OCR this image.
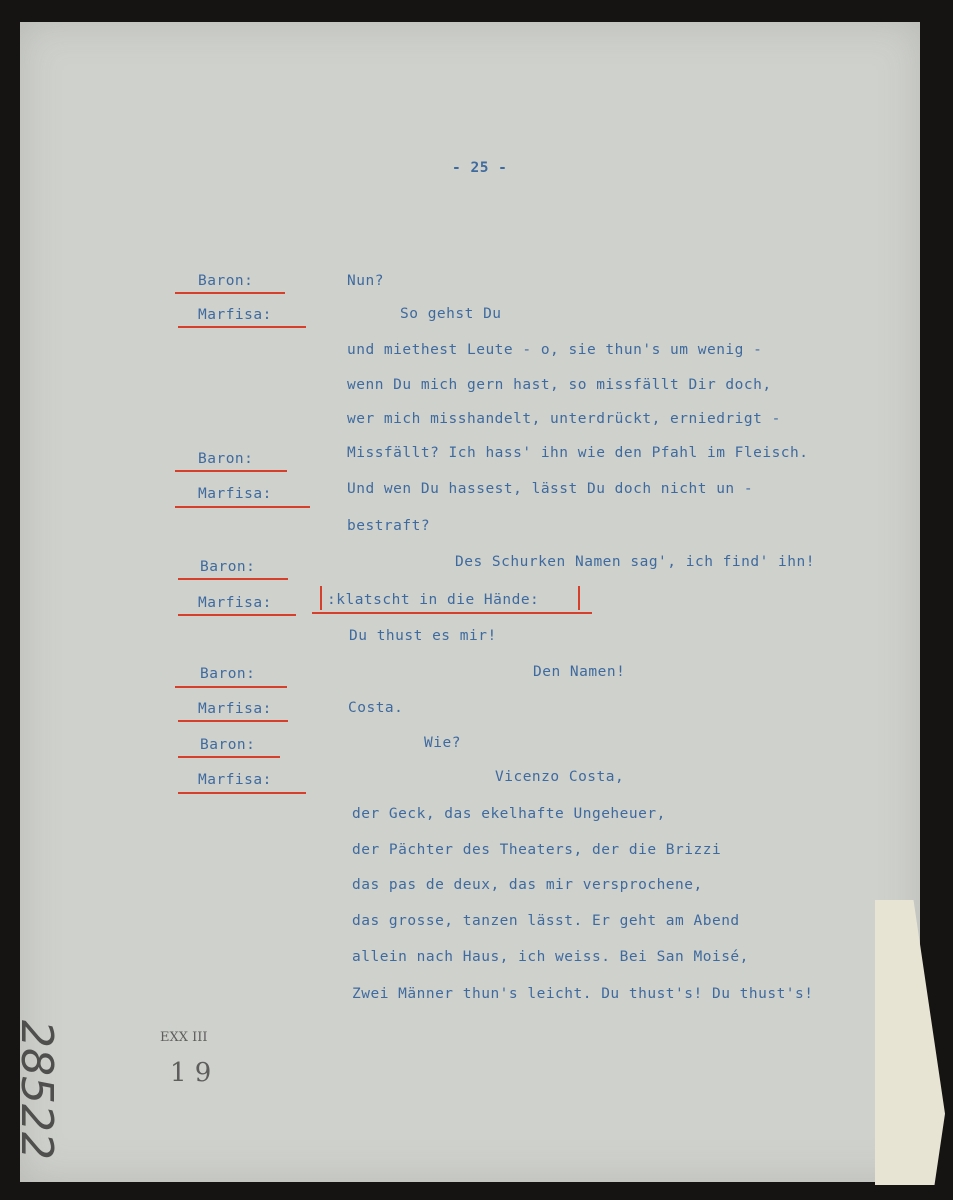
- 25 -
Baron:	Nun?
Marfisa:	So gehst Du
und miethest Leute - o, sie thun's um wenig -
wenn Du mich gern hast, so missfällt Dir doch,
wer mich misshandelt, unterdrückt, erniedrigt -
Baron:	Missfällt? Ich hass' ihn wie den Pfahl im Fleisch.
Marfisa:	Und wen Du hassest, lässt Du doch nicht un -
bestraft?
Baron:	Des Schurken Namen sag', ich find' ihn!
Marfisa:	:klatscht in die Hände:
Du thust es mir!
Baron:	Den Namen!
Marfisa:	Costa.
Baron:	Wie?
Marfisa:	Vicenzo Costa,
der Geck, das ekelhafte Ungeheuer,
der Pächter des Theaters, der die Brizzi
das pas de deux, das mir versprochene,
das grosse, tanzen lässt. Er geht am Abend
allein nach Haus, ich weiss. Bei San Moisé,
Zwei Männer thun's leicht. Du thust's! Du thust's!
28522	EXX III
1 9
